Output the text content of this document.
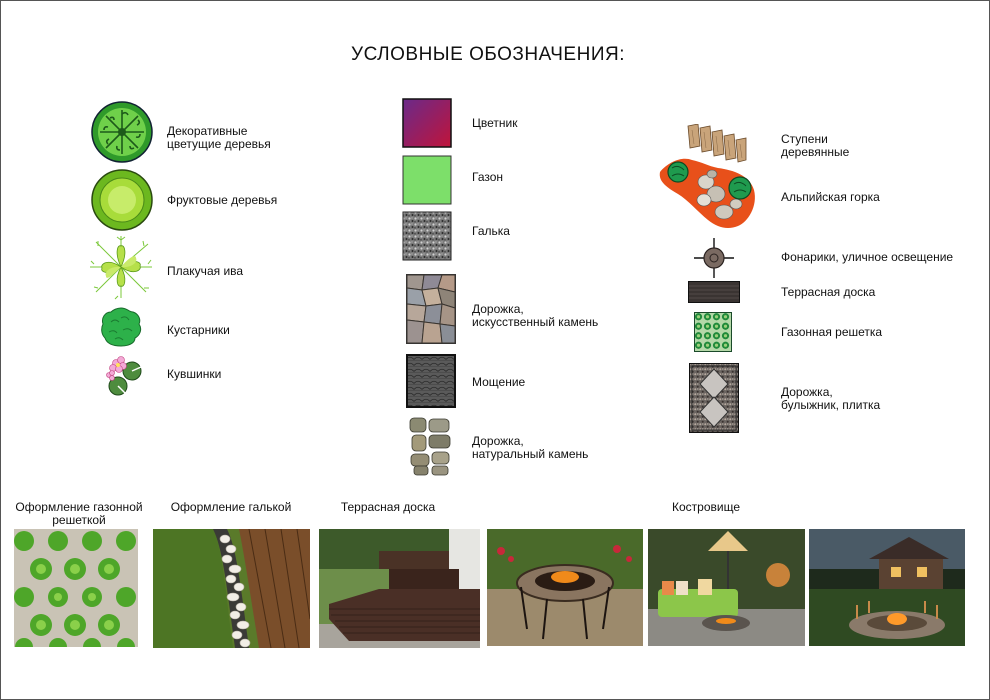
УСЛОВНЫЕ ОБОЗНАЧЕНИЯ:
Декоративные
цветущие деревья
Фруктовые деревья
Плакучая ива
Кустарники
Кувшинки
Цветник
Газон
Галька
Дорожка,
искусственный камень
Мощение
Дорожка,
натуральный камень
Ступени
деревянные
Альпийская горка
Фонарики, уличное освещение
Террасная доска
Газонная решетка
Дорожка,
булыжник, плитка
Оформление газонной
решеткой
Оформление галькой	Террасная доска	Костровище
